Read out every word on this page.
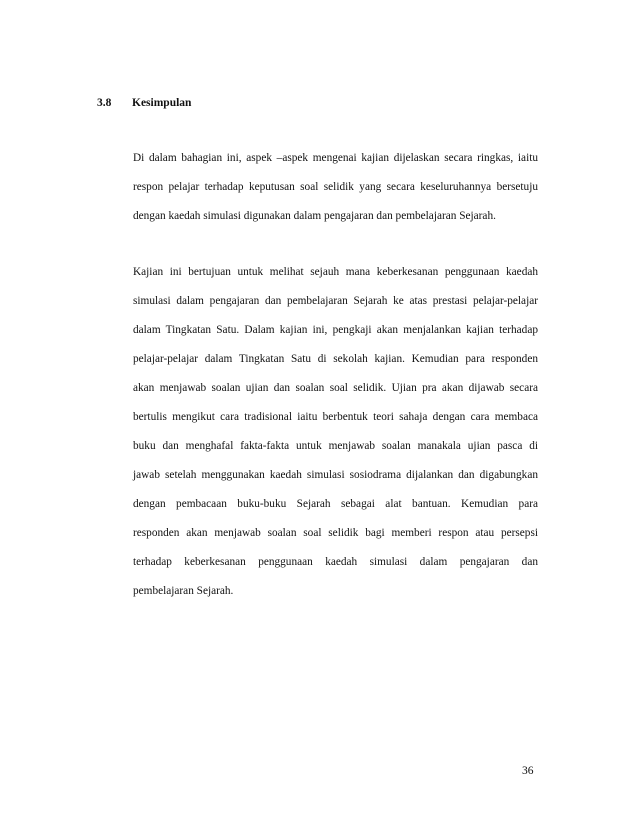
3.8 Kesimpulan
Di dalam bahagian ini, aspek –aspek mengenai kajian dijelaskan secara ringkas, iaitu
respon pelajar terhadap keputusan soal selidik yang secara keseluruhannya bersetuju
dengan kaedah simulasi digunakan dalam pengajaran dan pembelajaran Sejarah.
Kajian ini bertujuan untuk melihat sejauh mana keberkesanan penggunaan kaedah
simulasi dalam pengajaran dan pembelajaran Sejarah ke atas prestasi pelajar-pelajar
dalam Tingkatan Satu. Dalam kajian ini, pengkaji akan menjalankan kajian terhadap
pelajar-pelajar dalam Tingkatan Satu di sekolah kajian. Kemudian para responden
akan menjawab soalan ujian dan soalan soal selidik. Ujian pra akan dijawab secara
bertulis mengikut cara tradisional iaitu berbentuk teori sahaja dengan cara membaca
buku dan menghafal fakta-fakta untuk menjawab soalan manakala ujian pasca di
jawab setelah menggunakan kaedah simulasi sosiodrama dijalankan dan digabungkan
dengan pembacaan buku-buku Sejarah sebagai alat bantuan. Kemudian para
responden akan menjawab soalan soal selidik bagi memberi respon atau persepsi
terhadap keberkesanan penggunaan kaedah simulasi dalam pengajaran dan
pembelajaran Sejarah.
36
